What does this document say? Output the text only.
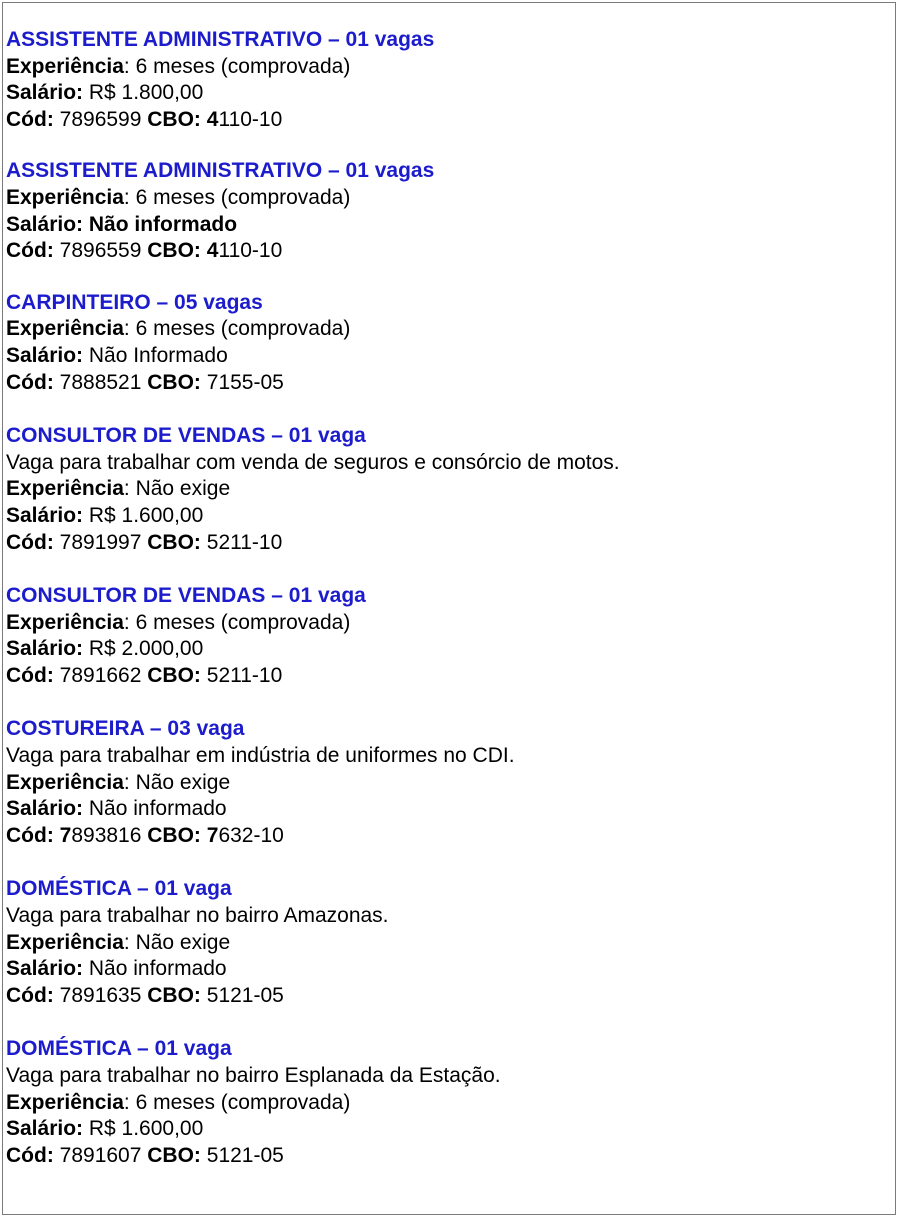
ASSISTENTE ADMINISTRATIVO – 01 vagas
Experiência: 6 meses (comprovada)
Salário: R$ 1.800,00
Cód: 7896599 CBO: 4110-10
ASSISTENTE ADMINISTRATIVO – 01 vagas
Experiência: 6 meses (comprovada)
Salário: Não informado
Cód: 7896559 CBO: 4110-10
CARPINTEIRO – 05 vagas
Experiência: 6 meses (comprovada)
Salário: Não Informado
Cód: 7888521 CBO: 7155-05
CONSULTOR DE VENDAS – 01 vaga
Vaga para trabalhar com venda de seguros e consórcio de motos.
Experiência: Não exige
Salário: R$ 1.600,00
Cód: 7891997 CBO: 5211-10
CONSULTOR DE VENDAS – 01 vaga
Experiência: 6 meses (comprovada)
Salário: R$ 2.000,00
Cód: 7891662 CBO: 5211-10
COSTUREIRA – 03 vaga
Vaga para trabalhar em indústria de uniformes no CDI.
Experiência: Não exige
Salário: Não informado
Cód: 7893816 CBO: 7632-10
DOMÉSTICA – 01 vaga
Vaga para trabalhar no bairro Amazonas.
Experiência: Não exige
Salário: Não informado
Cód: 7891635 CBO: 5121-05
DOMÉSTICA – 01 vaga
Vaga para trabalhar no bairro Esplanada da Estação.
Experiência: 6 meses (comprovada)
Salário: R$ 1.600,00
Cód: 7891607 CBO: 5121-05
